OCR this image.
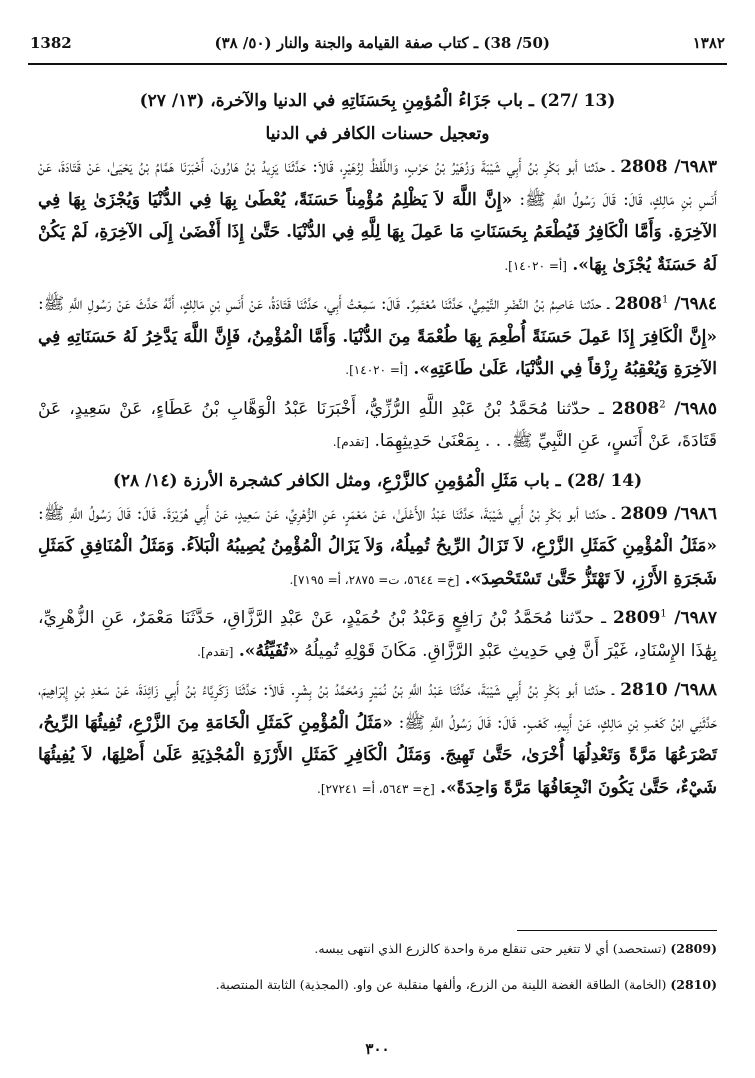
1382	(50/ 38) ـ كتاب صفة القيامة والجنة والنار (٥٠/ ٣٨)	١٣٨٢
(13 /27) ـ باب جَزَاءُ الْمُؤمِنِ بِحَسَنَاتِهِ في الدنيا والآخرة، (١٣/ ٢٧)
وتعجيل حسنات الكافر في الدنيا

٦٩٨٣/ 2808 ـ حدّثنا أبو بَكْرِ بْنُ أَبِي شَيْبَةَ وَزُهَيْرُ بْنُ حَرْبٍ، وَاللَّفْظُ لِزُهَيْرٍ، قَالاَ: حَدَّثَنَا يَزِيدُ بْنُ هَارُونَ، أَخْبَرَنَا هَمَّامُ بْنُ يَحْيَىٰ، عَنْ قَتَادَةَ، عَنْ أَنَسِ بْنِ مَالِكٍ، قَالَ: قَالَ رَسُولُ اللَّهِ ﷺ: «إِنَّ اللَّهَ لاَ يَظْلِمُ مُؤْمِناً حَسَنَةً، يُعْطَىٰ بِهَا فِي الدُّنْيَا وَيُجْزَىٰ بِهَا فِي الآخِرَةِ. وَأَمَّا الْكَافِرُ فَيُطْعَمُ بِحَسَنَاتِ مَا عَمِلَ بِهَا لِلَّهِ فِي الدُّنْيَا. حَتَّىٰ إِذَا أَفْضَىٰ إِلَى الآخِرَةِ، لَمْ يَكُنْ لَهُ حَسَنَةٌ يُجْزَىٰ بِهَا». [أ= ١٤٠٢٠].

٦٩٨٤/ 2808$^1$ ـ حدّثنا عَاصِمُ بْنُ النَّضْرِ التَّيْمِيُّ، حَدَّثَنَا مُعْتَمِرٌ. قَالَ: سَمِعْتُ أَبِي، حَدَّثَنَا قَتَادَةُ، عَنْ أَنَسِ بْنِ مَالِكٍ، أَنَّهُ حَدَّثَ عَنْ رَسُولِ اللَّهِ ﷺ: «إِنَّ الْكَافِرَ إِذَا عَمِلَ حَسَنَةً أُطْعِمَ بِهَا طُعْمَةً مِنَ الدُّنْيَا. وَأَمَّا الْمُؤْمِنُ، فَإِنَّ اللَّهَ يَدَّخِرُ لَهُ حَسَنَاتِهِ فِي الآخِرَةِ وَيُعْقِبُهُ رِزْقاً فِي الدُّنْيَا، عَلَىٰ طَاعَتِهِ». [أ= ١٤٠٢٠].

٦٩٨٥/ 2808$^2$ ـ حدّثنا مُحَمَّدُ بْنُ عَبْدِ اللَّهِ الرُّزِّيُّ، أَخْبَرَنَا عَبْدُ الْوَهَّابِ بْنُ عَطَاءٍ، عَنْ سَعِيدٍ، عَنْ قَتَادَةَ، عَنْ أَنَسٍ، عَنِ النَّبِيِّ ﷺ. . . بِمَعْنَىٰ حَدِيثِهِمَا. [تقدم].

(14 /28) ـ باب مَثَلِ الْمُؤمِنِ كالزَّرْعِ، ومثل الكافر كشجرة الأرزة (١٤/ ٢٨)

٦٩٨٦/ 2809 ـ حدّثنا أبو بَكْرِ بْنُ أَبِي شَيْبَةَ، حَدَّثَنَا عَبْدُ الأَعْلَىٰ، عَنْ مَعْمَرٍ، عَنِ الزُّهْرِيِّ، عَنْ سَعِيدٍ، عَنْ أَبِي هُرَيْرَةَ. قَالَ: قَالَ رَسُولُ اللَّهِ ﷺ: «مَثَلُ الْمُؤْمِنِ كَمَثَلِ الزَّرْعِ، لاَ تَزَالُ الرِّيحُ تُمِيلُهُ، وَلاَ يَزَالُ الْمُؤْمِنُ يُصِيبُهُ الْبَلاَءُ. وَمَثَلُ الْمُنَافِقِ كَمَثَلِ شَجَرَةِ الأَرْزِ، لاَ تَهْتَزُّ حَتَّىٰ تَسْتَحْصِدَ». [خ= ٥٦٤٤، ت= ٢٨٧٥، أ= ٧١٩٥].

٦٩٨٧/ 2809$^1$ ـ حدّثنا مُحَمَّدُ بْنُ رَافِعٍ وَعَبْدُ بْنُ حُمَيْدٍ، عَنْ عَبْدِ الرَّزَّاقِ، حَدَّثَنَا مَعْمَرٌ، عَنِ الزُّهْرِيِّ، بِهَٰذَا الإِسْنَادِ، غَيْرَ أَنَّ فِي حَدِيثِ عَبْدِ الرَّزَّاقِ. مَكَانَ قَوْلِهِ تُمِيلُهُ «تُفَيِّئُهُ». [تقدم].

٦٩٨٨/ 2810 ـ حدّثنا أبو بَكْرِ بْنُ أَبِي شَيْبَةَ، حَدَّثَنَا عَبْدُ اللَّهِ بْنُ نُمَيْرٍ وَمُحَمَّدُ بْنُ بِشْرٍ. قَالاَ: حَدَّثَنَا زَكَرِيَّاءُ بْنُ أَبِي زَائِدَةَ، عَنْ سَعْدِ بْنِ إِبْرَاهِيمَ، حَدَّثَنِي ابْنُ كَعْبِ بْنِ مَالِكٍ، عَنْ أَبِيهِ، كَعْبٍ. قَالَ: قَالَ رَسُولُ اللَّهِ ﷺ: «مَثَلُ الْمُؤْمِنِ كَمَثَلِ الْخَامَةِ مِنَ الزَّرْعِ، تُفِيئُهَا الرِّيحُ، تَصْرَعُهَا مَرَّةً وَتَعْدِلُهَا أُخْرَىٰ، حَتَّىٰ تَهِيجَ. وَمَثَلُ الْكَافِرِ كَمَثَلِ الأَرْزَةِ الْمُجْذِيَةِ عَلَىٰ أَصْلِهَا، لاَ يُفِيئُهَا شَيْءٌ، حَتَّىٰ يَكُونَ انْجِعَافُهَا مَرَّةً وَاحِدَةً». [خ= ٥٦٤٣، أ= ٢٧٢٤١].

(2809) (تستحصد) أي لا تتغير حتى تنقلع مرة واحدة كالزرع الذي انتهى يبسه.

(2810) (الخامة) الطاقة الغضة اللينة من الزرع، وألفها منقلبة عن واو. (المجذية) الثابتة المنتصبة.

٣٠٠
